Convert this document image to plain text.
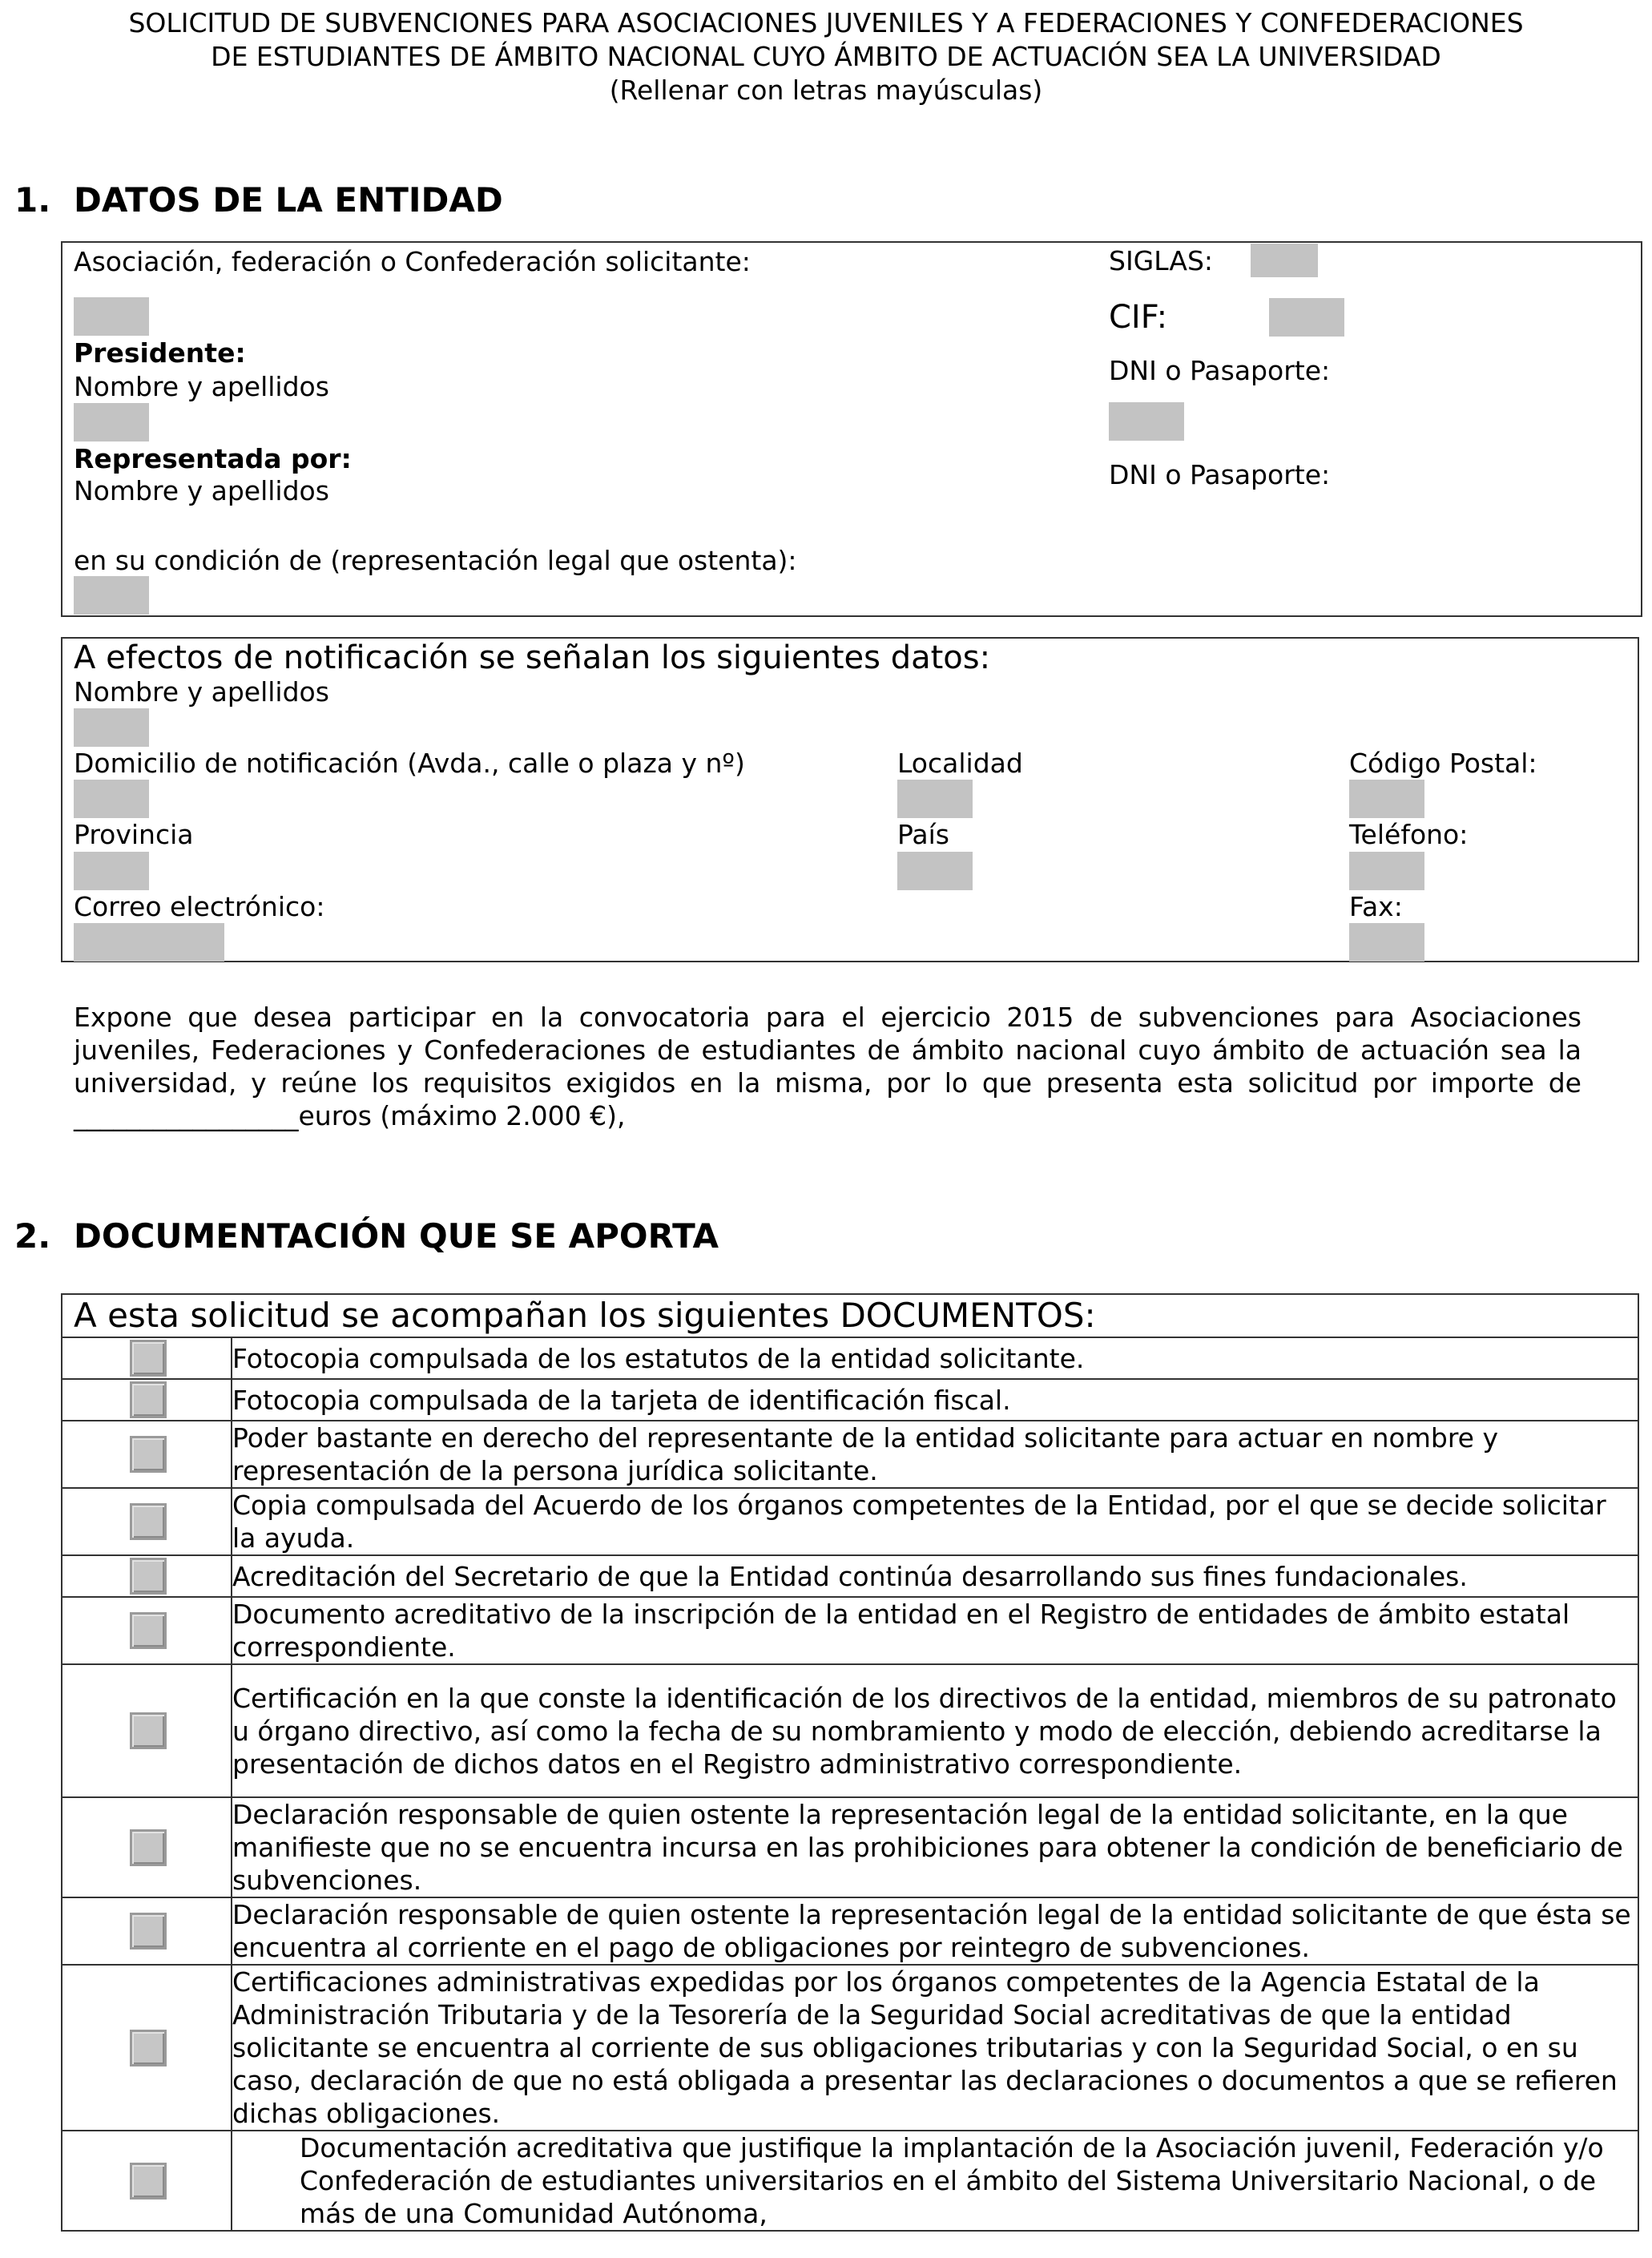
SOLICITUD DE SUBVENCIONES PARA ASOCIACIONES JUVENILES Y A FEDERACIONES Y CONFEDERACIONES
DE ESTUDIANTES DE ÁMBITO NACIONAL CUYO ÁMBITO DE ACTUACIÓN SEA LA UNIVERSIDAD
(Rellenar con letras mayúsculas)
1. DATOS DE LA ENTIDAD
Asociación, federación o Confederación solicitante:	SIGLAS:
CIF:
Presidente:
Nombre y apellidos
DNI o Pasaporte:
Representada por:
Nombre y apellidos
DNI o Pasaporte:
en su condición de (representación legal que ostenta):
A efectos de notificación se señalan los siguientes datos:
Nombre y apellidos
Domicilio de notificación (Avda., calle o plaza y nº)	Localidad	Código Postal:
Provincia	País	Teléfono:
Correo electrónico:	Fax:
Expone que desea participar en la convocatoria para el ejercicio 2015 de subvenciones para Asociaciones juveniles, Federaciones y Confederaciones de estudiantes de ámbito nacional cuyo ámbito de actuación sea la universidad, y reúne los requisitos exigidos en la misma, por lo que presenta esta solicitud por importe de _________________euros (máximo 2.000 €),
2. DOCUMENTACIÓN QUE SE APORTA
A esta solicitud se acompañan los siguientes DOCUMENTOS:	
	Fotocopia compulsada de los estatutos de la entidad solicitante.
	Fotocopia compulsada de la tarjeta de identificación fiscal.
	Poder bastante en derecho del representante de la entidad solicitante para actuar en nombre y representación de la persona jurídica solicitante.
	Copia compulsada del Acuerdo de los órganos competentes de la Entidad, por el que se decide solicitar la ayuda.
	Acreditación del Secretario de que la Entidad continúa desarrollando sus fines fundacionales.
	Documento acreditativo de la inscripción de la entidad en el Registro de entidades de ámbito estatal correspondiente.
	Certificación en la que conste la identificación de los directivos de la entidad, miembros de su patronato u órgano directivo, así como la fecha de su nombramiento y modo de elección, debiendo acreditarse la presentación de dichos datos en el Registro administrativo correspondiente.
	Declaración responsable de quien ostente la representación legal de la entidad solicitante, en la que manifieste que no se encuentra incursa en las prohibiciones para obtener la condición de beneficiario de subvenciones.
	Declaración responsable de quien ostente la representación legal de la entidad solicitante de que ésta se encuentra al corriente en el pago de obligaciones por reintegro de subvenciones.
	Certificaciones administrativas expedidas por los órganos competentes de la Agencia Estatal de la Administración Tributaria y de la Tesorería de la Seguridad Social acreditativas de que la entidad solicitante se encuentra al corriente de sus obligaciones tributarias y con la Seguridad Social, o en su caso, declaración de que no está obligada a presentar las declaraciones o documentos a que se refieren dichas obligaciones.
	Documentación acreditativa que justifique la implantación de la Asociación juvenil, Federación y/o Confederación de estudiantes universitarios en el ámbito del Sistema Universitario Nacional, o de más de una Comunidad Autónoma,
